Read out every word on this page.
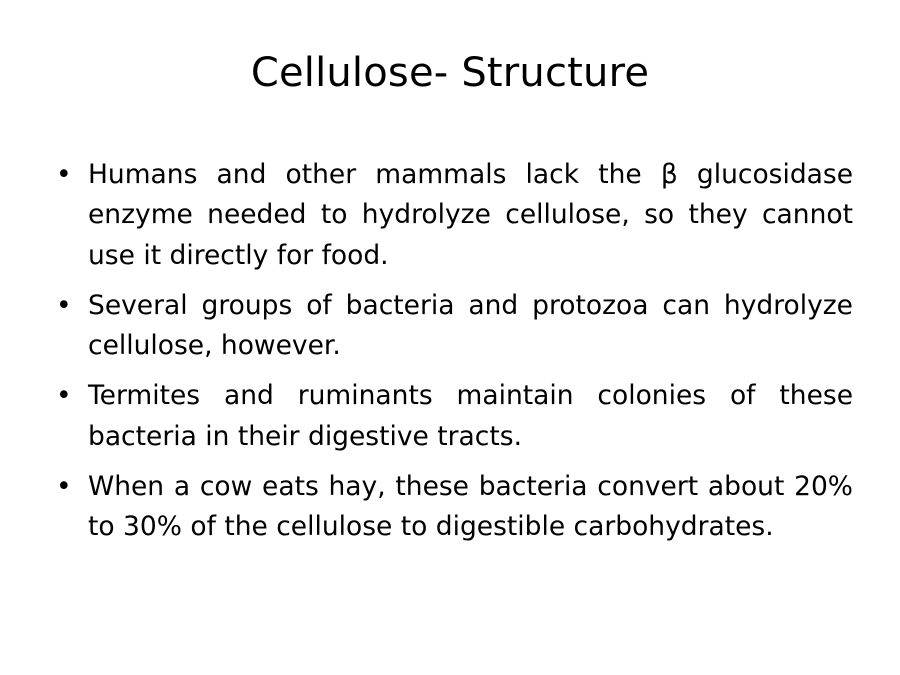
Cellulose- Structure
• Humans and other mammals lack the β glucosidase enzyme needed to hydrolyze cellulose, so they cannot use it directly for food.
• Several groups of bacteria and protozoa can hydrolyze cellulose, however.
• Termites and ruminants maintain colonies of these bacteria in their digestive tracts.
• When a cow eats hay, these bacteria convert about 20% to 30% of the cellulose to digestible carbohydrates.
